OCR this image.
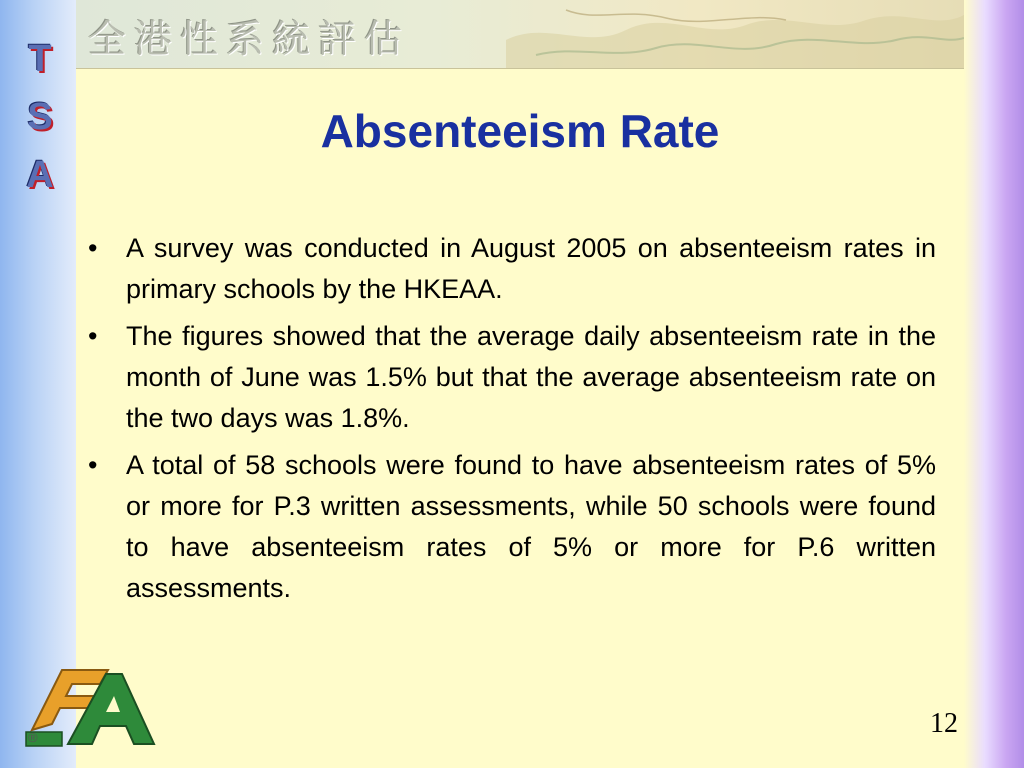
全港性系統評估
T
S
A
Absenteeism Rate
• A survey was conducted in August 2005 on absenteeism rates in primary schools by the HKEAA.
• The figures showed that the average daily absenteeism rate in the month of June was 1.5% but that the average absenteeism rate on the two days was 1.8%.
• A total of 58 schools were found to have absenteeism rates of 5% or more for P.3 written assessments, while 50 schools were found to have absenteeism rates of 5% or more for P.6 written assessments.
®	12
